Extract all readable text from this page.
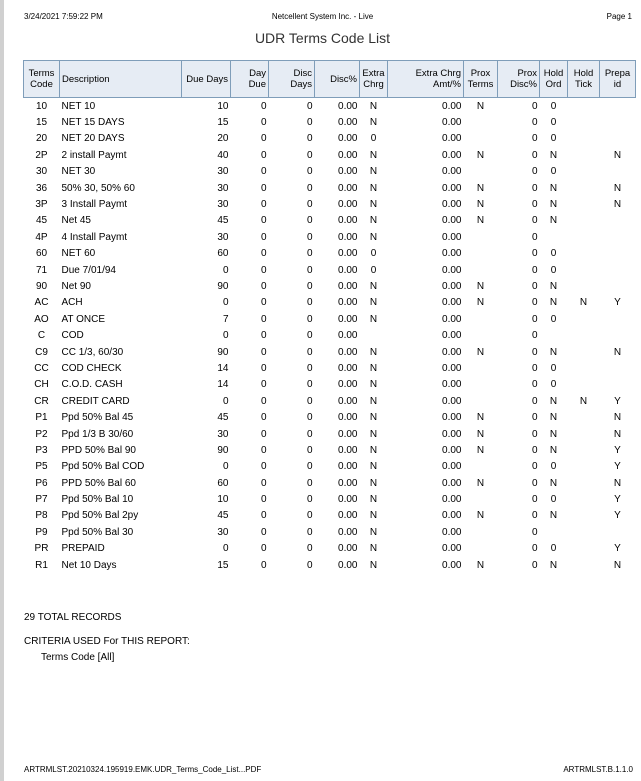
3/24/2021 7:59:22 PM	Netcellent System Inc. - Live	Page 1
UDR Terms Code List
Terms Code	Description	Due Days	Day Due	Disc Days	Disc%	Extra Chrg	Extra Chrg Amt/%	Prox Terms	Prox Disc%	Hold Ord	Hold Tick	Prepa id
10	NET 10	10	0	0	0.00	N	0.00	N	0	0		
15	NET 15 DAYS	15	0	0	0.00	N	0.00		0	0		
20	NET 20 DAYS	20	0	0	0.00	0	0.00		0	0		
2P	2 install Paymt	40	0	0	0.00	N	0.00	N	0	N		N
30	NET 30	30	0	0	0.00	N	0.00		0	0		
36	50% 30, 50% 60	30	0	0	0.00	N	0.00	N	0	N		N
3P	3 Install Paymt	30	0	0	0.00	N	0.00	N	0	N		N
45	Net 45	45	0	0	0.00	N	0.00	N	0	N		
4P	4 Install Paymt	30	0	0	0.00	N	0.00		0			
60	NET 60	60	0	0	0.00	0	0.00		0	0		
71	Due 7/01/94	0	0	0	0.00	0	0.00		0	0		
90	Net 90	90	0	0	0.00	N	0.00	N	0	N		
AC	ACH	0	0	0	0.00	N	0.00	N	0	N	N	Y
AO	AT ONCE	7	0	0	0.00	N	0.00		0	0		
C	COD	0	0	0	0.00		0.00		0			
C9	CC 1/3, 60/30	90	0	0	0.00	N	0.00	N	0	N		N
CC	COD CHECK	14	0	0	0.00	N	0.00		0	0		
CH	C.O.D. CASH	14	0	0	0.00	N	0.00		0	0		
CR	CREDIT CARD	0	0	0	0.00	N	0.00		0	N	N	Y
P1	Ppd 50% Bal 45	45	0	0	0.00	N	0.00	N	0	N		N
P2	Ppd 1/3 B 30/60	30	0	0	0.00	N	0.00	N	0	N		N
P3	PPD 50% Bal 90	90	0	0	0.00	N	0.00	N	0	N		Y
P5	Ppd 50% Bal COD	0	0	0	0.00	N	0.00		0	0		Y
P6	PPD 50% Bal 60	60	0	0	0.00	N	0.00	N	0	N		N
P7	Ppd 50% Bal 10	10	0	0	0.00	N	0.00		0	0		Y
P8	Ppd 50% Bal 2py	45	0	0	0.00	N	0.00	N	0	N		Y
P9	Ppd 50% Bal 30	30	0	0	0.00	N	0.00		0			
PR	PREPAID	0	0	0	0.00	N	0.00		0	0		Y
R1	Net 10 Days	15	0	0	0.00	N	0.00	N	0	N		N
29 TOTAL RECORDS
CRITERIA USED For THIS REPORT:
Terms Code [All]
ARTRMLST.20210324.195919.EMK.UDR_Terms_Code_List...PDF	ARTRMLST.B.1.1.0
